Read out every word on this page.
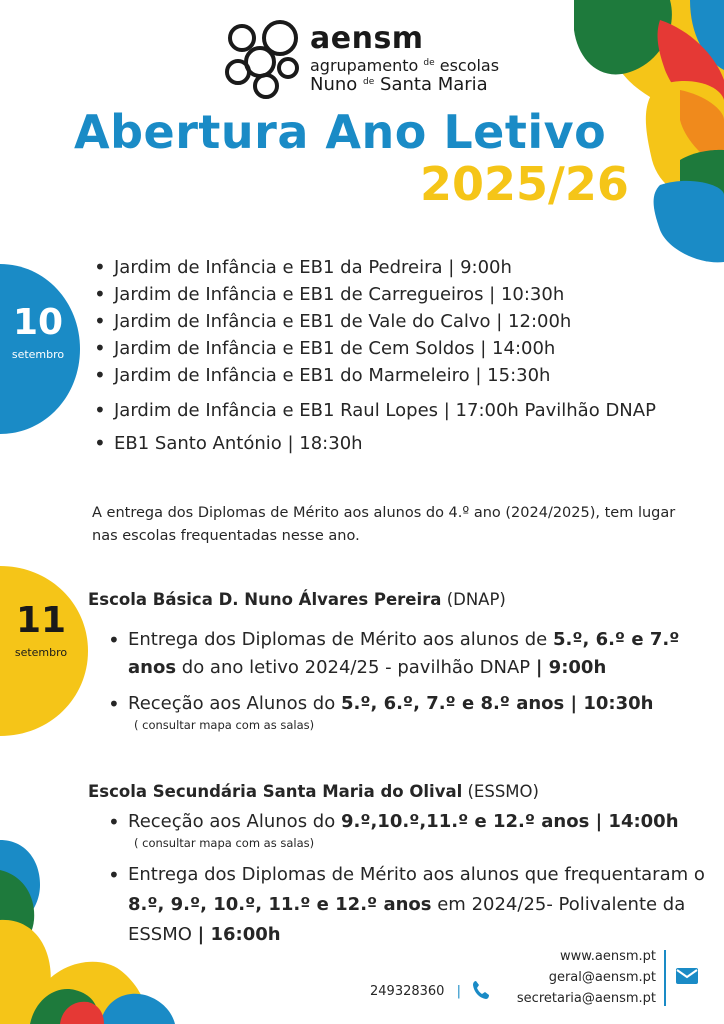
aensm
agrupamento $^{de}$ escolas
Nuno $^{de}$ Santa Maria
Abertura Ano Letivo
2025/26
10
setembro
• Jardim de Infância e EB1 da Pedreira | 9:00h
• Jardim de Infância e EB1 de Carregueiros | 10:30h
• Jardim de Infância e EB1 de Vale do Calvo | 12:00h
• Jardim de Infância e EB1 de Cem Soldos | 14:00h
• Jardim de Infância e EB1 do Marmeleiro | 15:30h
• Jardim de Infância e EB1 Raul Lopes | 17:00h Pavilhão DNAP
• EB1 Santo António | 18:30h
A entrega dos Diplomas de Mérito aos alunos do 4.º ano (2024/2025), tem lugar nas escolas frequentadas nesse ano.
11
setembro
Escola Básica D. Nuno Álvares Pereira (DNAP)
• Entrega dos Diplomas de Mérito aos alunos de 5.º, 6.º e 7.º anos do ano letivo 2024/25 - pavilhão DNAP | 9:00h
• Receção aos Alunos do 5.º, 6.º, 7.º e 8.º anos | 10:30h
( consultar mapa com as salas)
Escola Secundária Santa Maria do Olival (ESSMO)
• Receção aos Alunos do 9.º,10.º,11.º e 12.º anos | 14:00h
( consultar mapa com as salas)
• Entrega dos Diplomas de Mérito aos alunos que frequentaram o 8.º, 9.º, 10.º, 11.º e 12.º anos em 2024/25- Polivalente da ESSMO | 16:00h
www.aensm.pt
geral@aensm.pt
secretaria@aensm.pt
249328360 |
